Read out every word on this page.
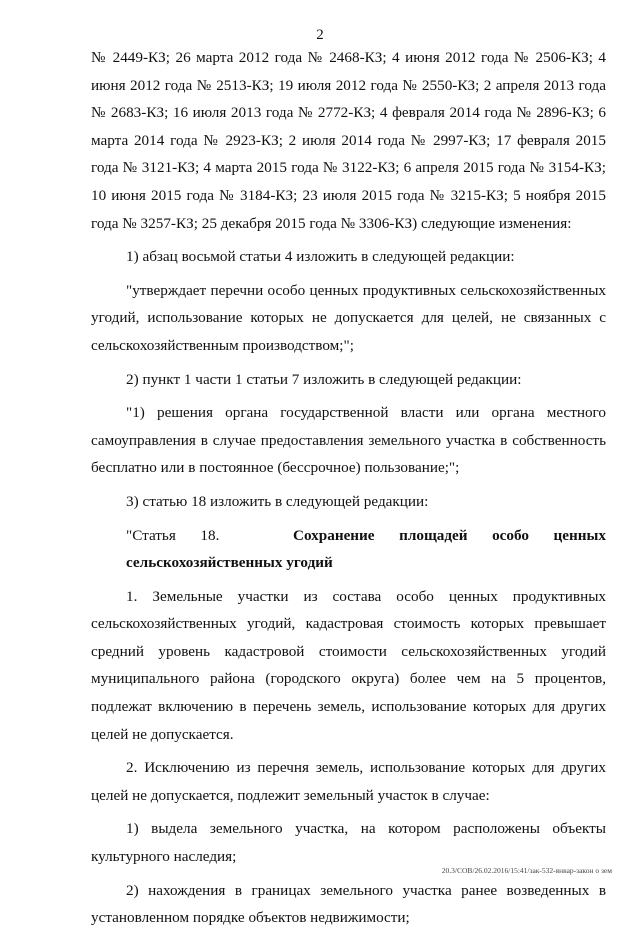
2

№ 2449-КЗ; 26 марта 2012 года № 2468-КЗ; 4 июня 2012 года № 2506-КЗ; 4 июня 2012 года № 2513-КЗ; 19 июля 2012 года № 2550-КЗ; 2 апреля 2013 года № 2683-КЗ; 16 июля 2013 года № 2772-КЗ; 4 февраля 2014 года № 2896-КЗ; 6 марта 2014 года № 2923-КЗ; 2 июля 2014 года № 2997-КЗ; 17 февраля 2015 года № 3121-КЗ; 4 марта 2015 года № 3122-КЗ; 6 апреля 2015 года № 3154-КЗ; 10 июня 2015 года № 3184-КЗ; 23 июля 2015 года № 3215-КЗ; 5 ноября 2015 года № 3257-КЗ; 25 декабря 2015 года № 3306-КЗ) следующие изменения:

1) абзац восьмой статьи 4 изложить в следующей редакции:

"утверждает перечни особо ценных продуктивных сельскохозяйственных угодий, использование которых не допускается для целей, не связанных с сельскохозяйственным производством;";

2) пункт 1 части 1 статьи 7 изложить в следующей редакции:

"1) решения органа государственной власти или органа местного самоуправления в случае предоставления земельного участка в собственность бесплатно или в постоянное (бессрочное) пользование;";

3) статью 18 изложить в следующей редакции:

"Статья 18.	Сохранение площадей особо ценных сельскохозяйственных угодий

1. Земельные участки из состава особо ценных продуктивных сельскохозяйственных угодий, кадастровая стоимость которых превышает средний уровень кадастровой стоимости сельскохозяйственных угодий муниципального района (городского округа) более чем на 5 процентов, подлежат включению в перечень земель, использование которых для других целей не допускается.

2. Исключению из перечня земель, использование которых для других целей не допускается, подлежит земельный участок в случае:

1) выдела земельного участка, на котором расположены объекты культурного наследия;

2) нахождения в границах земельного участка ранее возведенных в установленном порядке объектов недвижимости;

20.3/СОВ/26.02.2016/15:41/зак-532-январ-закон о зем
